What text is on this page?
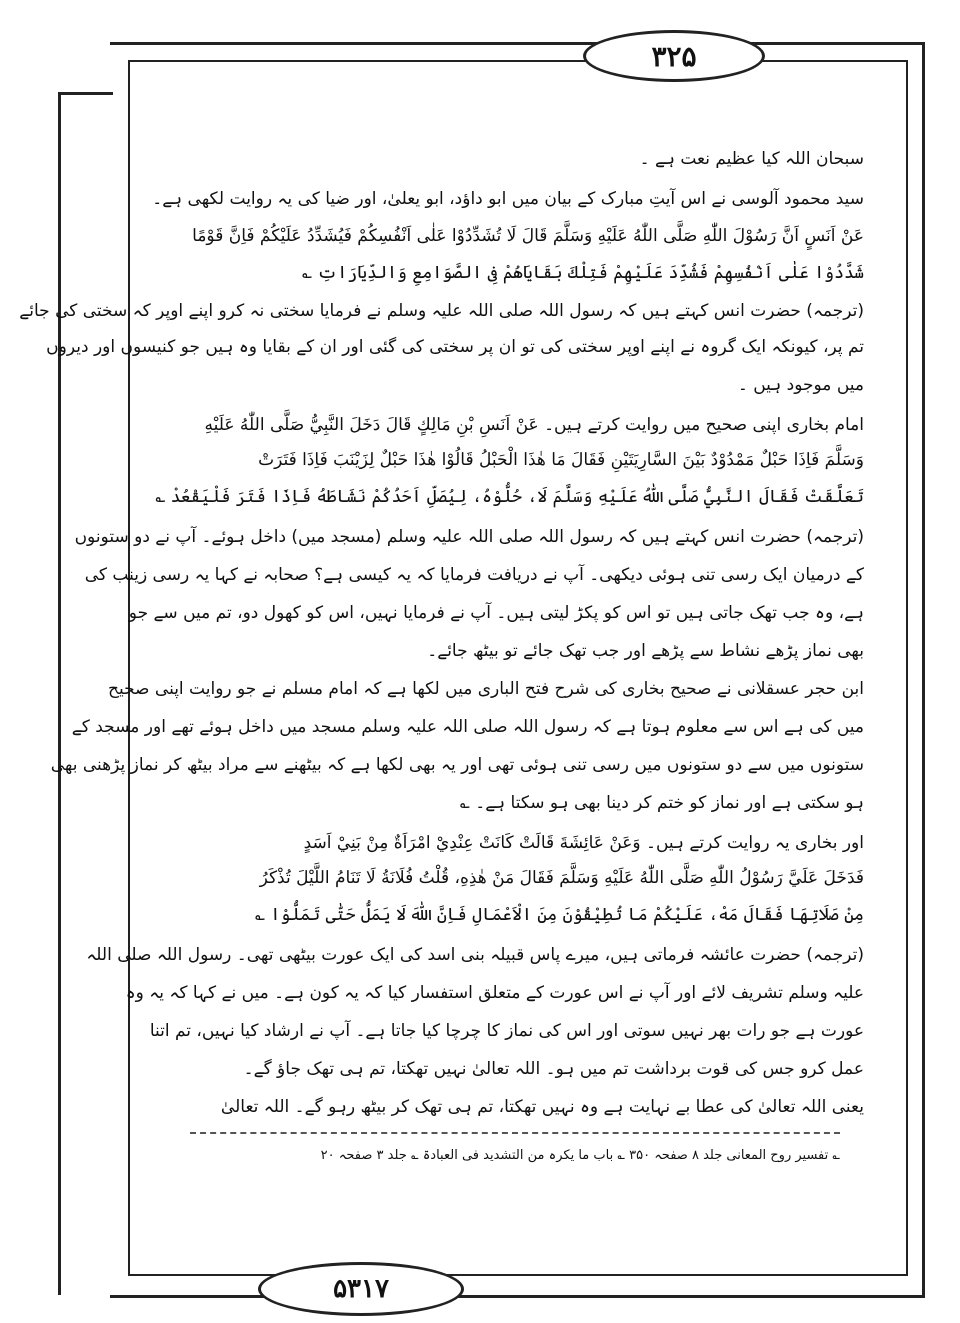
۳۲۵
۵۳۱۷
سبحان اللہ کیا عظیم نعت ہے ۔
سید محمود آلوسی نے اس آیتِ مبارک کے بیان میں ابو داؤد، ابو یعلیٰ، اور ضیا کی یہ روایت لکھی ہے۔
عَنْ اَنَسٍ اَنَّ رَسُوْلَ اللّٰهِ صَلَّى اللّٰهُ عَلَيْهِ وَسَلَّمَ قَالَ لَا تُشَدِّدُوْا عَلٰى اَنْفُسِكُمْ فَيُشَدِّدُ عَلَيْكُمْ فَاِنَّ قَوْمًا
شَدَّدُوْا عَلٰى اَنْفُسِهِمْ فَشُدِّدَ عَلَيْهِمْ فَتِلْكَ بَقَايَاهُمْ فِى الصَّوَامِعِ وَالدِّيَارَاتِ ؎
(ترجمہ) حضرت انس کہتے ہیں کہ رسول اللہ صلی اللہ علیہ وسلم نے فرمایا سختی نہ کرو اپنے اوپر کہ سختی کی جائے
تم پر، کیونکہ ایک گروہ نے اپنے اوپر سختی کی تو ان پر سختی کی گئی اور ان کے بقایا وہ ہیں جو کنیسوں اور دیروں
میں موجود ہیں ۔
امام بخاری اپنی صحیح میں روایت کرتے ہیں۔ عَنْ اَنَسِ بْنِ مَالِكٍ قَالَ دَخَلَ النَّبِيُّ صَلَّى اللّٰهُ عَلَيْهِ
وَسَلَّمَ فَاِذَا حَبْلٌ مَمْدُوْدٌ بَيْنَ السَّارِيَتَيْنِ فَقَالَ مَا هٰذَا الْحَبْلُ قَالُوْا هٰذَا حَبْلٌ لِزَيْنَبَ فَاِذَا فَتَرَتْ
تَعَلَّقَتْ فَقَالَ النَّبِيُّ صَلَّى اللّٰهُ عَلَيْهِ وَسَلَّمَ لَا، حُلُّوْهُ، لِيُصَلِّ اَحَدُكُمْ نَشَاطَهُ فَاِذَا فَتَرَ فَلْيَقْعُدْ ؎
(ترجمہ) حضرت انس کہتے ہیں کہ رسول اللہ صلی اللہ علیہ وسلم (مسجد میں) داخل ہوئے۔ آپ نے دو ستونوں
کے درمیان ایک رسی تنی ہوئی دیکھی۔ آپ نے دریافت فرمایا کہ یہ کیسی ہے؟ صحابہ نے کہا یہ رسی زینب کی
ہے، وہ جب تھک جاتی ہیں تو اس کو پکڑ لیتی ہیں۔ آپ نے فرمایا نہیں، اس کو کھول دو، تم میں سے جو
بھی نماز پڑھے نشاط سے پڑھے اور جب تھک جائے تو بیٹھ جائے۔
ابن حجر عسقلانی نے صحیح بخاری کی شرح فتح الباری میں لکھا ہے کہ امام مسلم نے جو روایت اپنی صحیح
میں کی ہے اس سے معلوم ہوتا ہے کہ رسول اللہ صلی اللہ علیہ وسلم مسجد میں داخل ہوئے تھے اور مسجد کے
ستونوں میں سے دو ستونوں میں رسی تنی ہوئی تھی اور یہ بھی لکھا ہے کہ بیٹھنے سے مراد بیٹھ کر نماز پڑھنی بھی
ہو سکتی ہے اور نماز کو ختم کر دینا بھی ہو سکتا ہے۔ ؎
اور بخاری یہ روایت کرتے ہیں۔ وَعَنْ عَائِشَةَ قَالَتْ كَانَتْ عِنْدِيْ امْرَاَةٌ مِنْ بَنِيْ اَسَدٍ
فَدَخَلَ عَلَيَّ رَسُوْلُ اللّٰهِ صَلَّى اللّٰهُ عَلَيْهِ وَسَلَّمَ فَقَالَ مَنْ هٰذِهِ، قُلْتُ فُلَانَةُ لَا تَنَامُ اللَّيْلَ تُذْكَرُ
مِنْ صَلَاتِهَا فَقَالَ مَهْ، عَلَيْكُمْ مَا تُطِيْقُوْنَ مِنَ الْاَعْمَالِ فَاِنَّ اللّٰهَ لَا يَمَلُّ حَتّٰى تَمَلُّوْا ؎
(ترجمہ) حضرت عائشہ فرماتی ہیں، میرے پاس قبیلہ بنی اسد کی ایک عورت بیٹھی تھی۔ رسول اللہ صلی اللہ
علیہ وسلم تشریف لائے اور آپ نے اس عورت کے متعلق استفسار کیا کہ یہ کون ہے۔ میں نے کہا کہ یہ وہ
عورت ہے جو رات بھر نہیں سوتی اور اس کی نماز کا چرچا کیا جاتا ہے۔ آپ نے ارشاد کیا نہیں، تم اتنا
عمل کرو جس کی قوت برداشت تم میں ہو۔ اللہ تعالیٰ نہیں تھکتا، تم ہی تھک جاؤ گے۔
یعنی اللہ تعالیٰ کی عطا بے نہایت ہے وہ نہیں تھکتا، تم ہی تھک کر بیٹھ رہو گے۔ اللہ تعالیٰ
؎ تفسیر روح المعانی جلد ۸ صفحہ ۳۵۰ ؎ باب ما یکرہ من التشدید فی العبادۃ ؎ جلد ۳ صفحہ ۲۰
